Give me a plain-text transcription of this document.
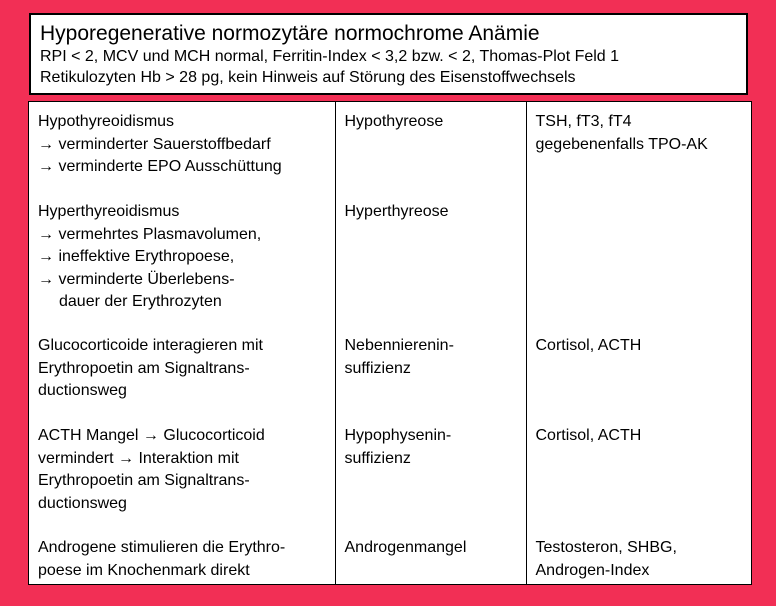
Hyporegenerative normozytäre normochrome Anämie
RPI < 2, MCV und MCH normal, Ferritin-Index < 3,2 bzw. < 2, Thomas-Plot Feld 1
Retikulozyten Hb > 28 pg, kein Hinweis auf Störung des Eisenstoffwechsels
Hypothyreoidismus
→ verminderter Sauerstoffbedarf
→ verminderte EPO Ausschüttung	Hypothyreose	TSH, fT3, fT4
gegebenenfalls TPO-AK

Hyperthyreoidismus
→ vermehrtes Plasmavolumen,
→ ineffektive Erythropoese,
→ verminderte Überlebens-
dauer der Erythrozyten	Hyperthyreose	

Glucocorticoide interagieren mit
Erythropoetin am Signaltrans-
ductionsweg	Nebennierenin-
suffizienz	Cortisol, ACTH

ACTH Mangel → Glucocorticoid
vermindert → Interaktion mit
Erythropoetin am Signaltrans-
ductionsweg	Hypophysenin-
suffizienz	Cortisol, ACTH

Androgene stimulieren die Erythro-
poese im Knochenmark direkt	Androgenmangel	Testosteron, SHBG,
Androgen-Index
